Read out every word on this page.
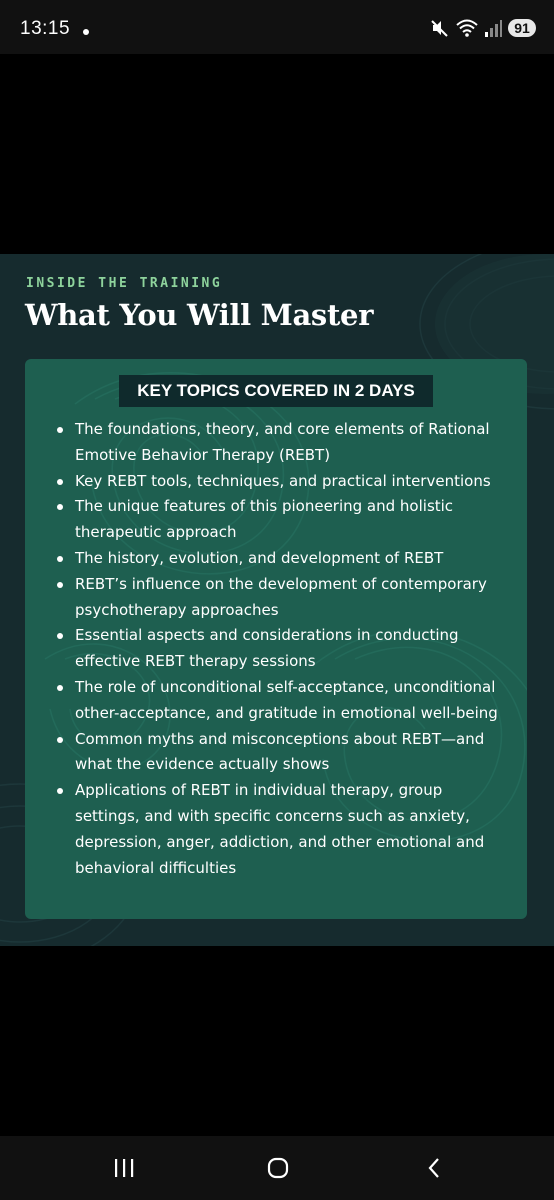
13:15	91
INSIDE THE TRAINING
What You Will Master
KEY TOPICS COVERED IN 2 DAYS
The foundations, theory, and core elements of Rational Emotive Behavior Therapy (REBT)
Key REBT tools, techniques, and practical interventions
The unique features of this pioneering and holistic therapeutic approach
The history, evolution, and development of REBT
REBT’s influence on the development of contemporary psychotherapy approaches
Essential aspects and considerations in conducting effective REBT therapy sessions
The role of unconditional self-acceptance, unconditional other-acceptance, and gratitude in emotional well-being
Common myths and misconceptions about REBT—and what the evidence actually shows
Applications of REBT in individual therapy, group settings, and with specific concerns such as anxiety, depression, anger, addiction, and other emotional and behavioral difficulties
